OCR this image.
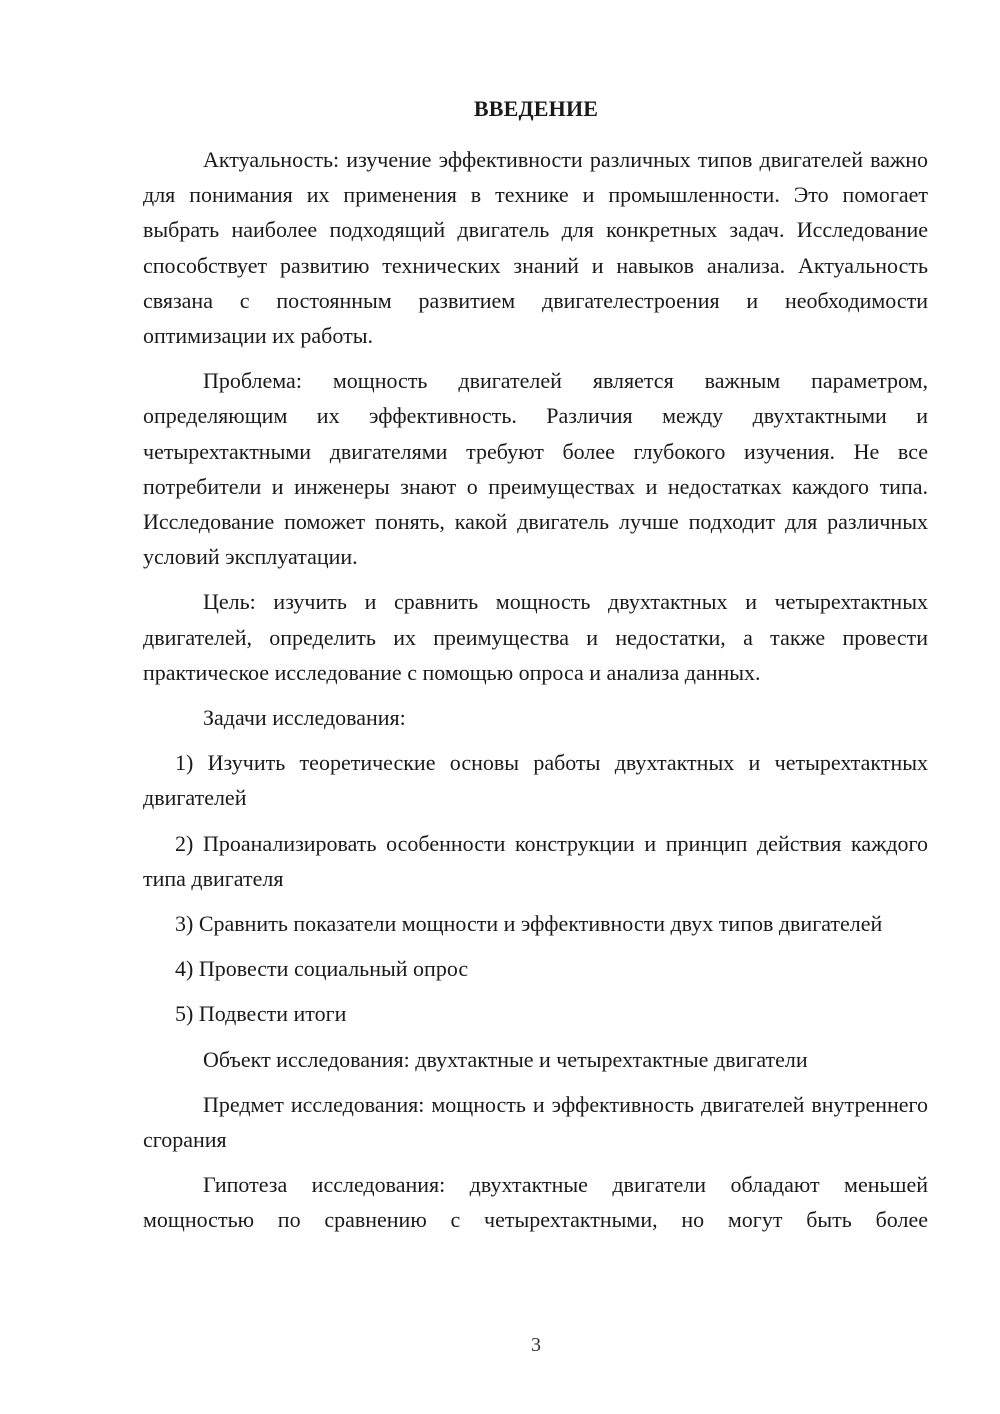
ВВЕДЕНИЕ

Актуальность: изучение эффективности различных типов двигателей важно для понимания их применения в технике и промышленности. Это помогает выбрать наиболее подходящий двигатель для конкретных задач. Исследование способствует развитию технических знаний и навыков анализа. Актуальность связана с постоянным развитием двигателестроения и необходимости оптимизации их работы.

Проблема: мощность двигателей является важным параметром, определяющим их эффективность. Различия между двухтактными и четырехтактными двигателями требуют более глубокого изучения. Не все потребители и инженеры знают о преимуществах и недостатках каждого типа. Исследование поможет понять, какой двигатель лучше подходит для различных условий эксплуатации.

Цель: изучить и сравнить мощность двухтактных и четырехтактных двигателей, определить их преимущества и недостатки, а также провести практическое исследование с помощью опроса и анализа данных.

Задачи исследования:

1) Изучить теоретические основы работы двухтактных и четырехтактных двигателей

2) Проанализировать особенности конструкции и принцип действия каждого типа двигателя

3) Сравнить показатели мощности и эффективности двух типов двигателей

4) Провести социальный опрос

5) Подвести итоги

Объект исследования: двухтактные и четырехтактные двигатели

Предмет исследования: мощность и эффективность двигателей внутреннего сгорания

Гипотеза исследования: двухтактные двигатели обладают меньшей мощностью по сравнению с четырехтактными, но могут быть более

3
